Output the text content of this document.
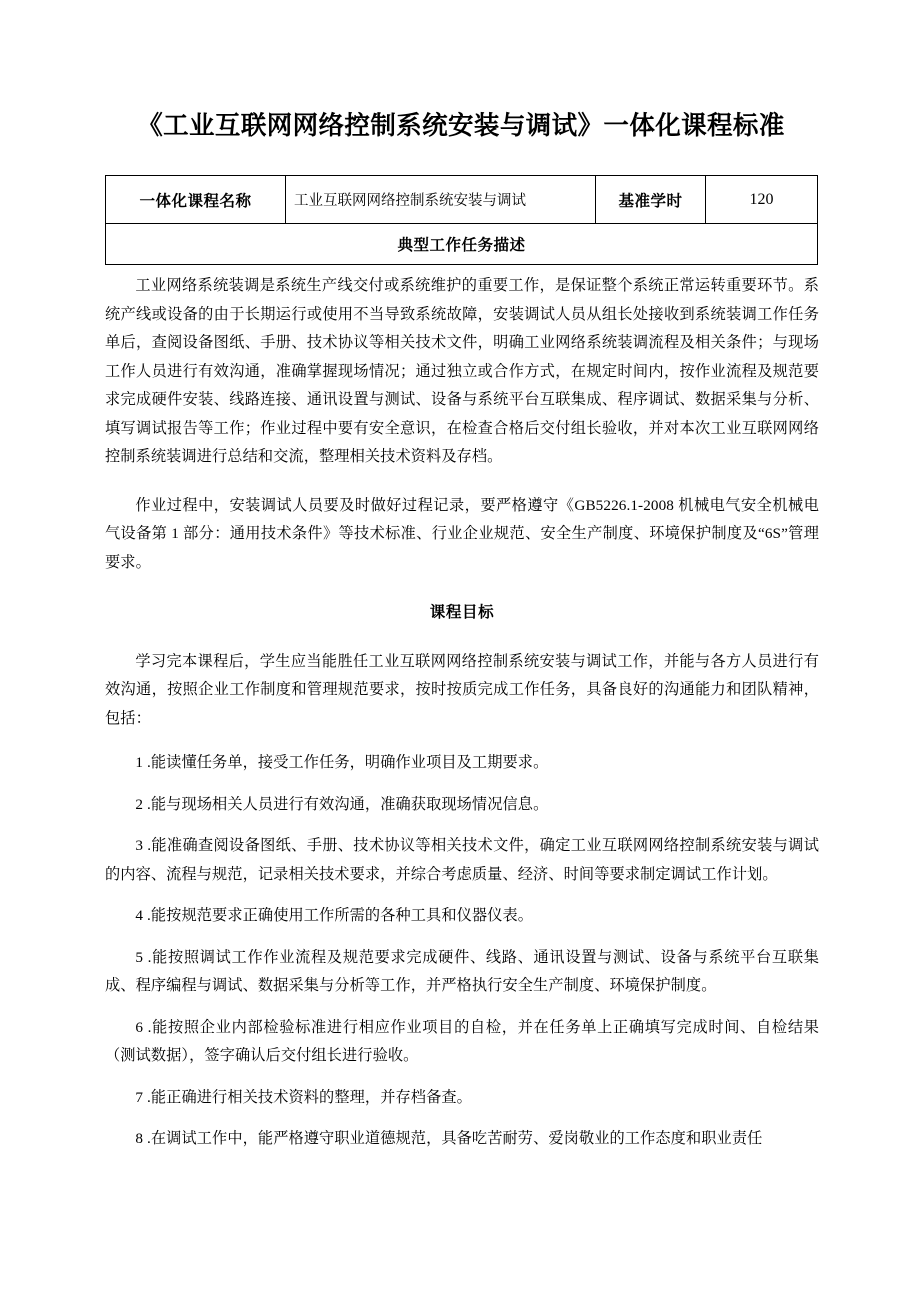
《工业互联网网络控制系统安装与调试》一体化课程标准
一体化课程名称	工业互联网网络控制系统安装与调试	基准学时	120

典型工作任务描述

工业网络系统装调是系统生产线交付或系统维护的重要工作，是保证整个系统正常运转重要环节。系统产线或设备的由于长期运行或使用不当导致系统故障，安装调试人员从组长处接收到系统装调工作任务单后，查阅设备图纸、手册、技术协议等相关技术文件，明确工业网络系统装调流程及相关条件；与现场工作人员进行有效沟通，准确掌握现场情况；通过独立或合作方式，在规定时间内，按作业流程及规范要求完成硬件安装、线路连接、通讯设置与测试、设备与系统平台互联集成、程序调试、数据采集与分析、填写调试报告等工作；作业过程中要有安全意识，在检查合格后交付组长验收，并对本次工业互联网网络控制系统装调进行总结和交流，整理相关技术资料及存档。

作业过程中，安装调试人员要及时做好过程记录，要严格遵守《GB5226.1-2008 机械电气安全机械电气设备第 1 部分：通用技术条件》等技术标准、行业企业规范、安全生产制度、环境保护制度及“6S”管理要求。

课程目标

学习完本课程后，学生应当能胜任工业互联网网络控制系统安装与调试工作，并能与各方人员进行有效沟通，按照企业工作制度和管理规范要求，按时按质完成工作任务，具备良好的沟通能力和团队精神，包括：

1 .能读懂任务单，接受工作任务，明确作业项目及工期要求。
2 .能与现场相关人员进行有效沟通，准确获取现场情况信息。
3 .能准确查阅设备图纸、手册、技术协议等相关技术文件，确定工业互联网网络控制系统安装与调试的内容、流程与规范，记录相关技术要求，并综合考虑质量、经济、时间等要求制定调试工作计划。
4 .能按规范要求正确使用工作所需的各种工具和仪器仪表。
5 .能按照调试工作作业流程及规范要求完成硬件、线路、通讯设置与测试、设备与系统平台互联集成、程序编程与调试、数据采集与分析等工作，并严格执行安全生产制度、环境保护制度。
6 .能按照企业内部检验标准进行相应作业项目的自检，并在任务单上正确填写完成时间、自检结果（测试数据），签字确认后交付组长进行验收。
7 .能正确进行相关技术资料的整理，并存档备查。
8 .在调试工作中，能严格遵守职业道德规范，具备吃苦耐劳、爱岗敬业的工作态度和职业责任
